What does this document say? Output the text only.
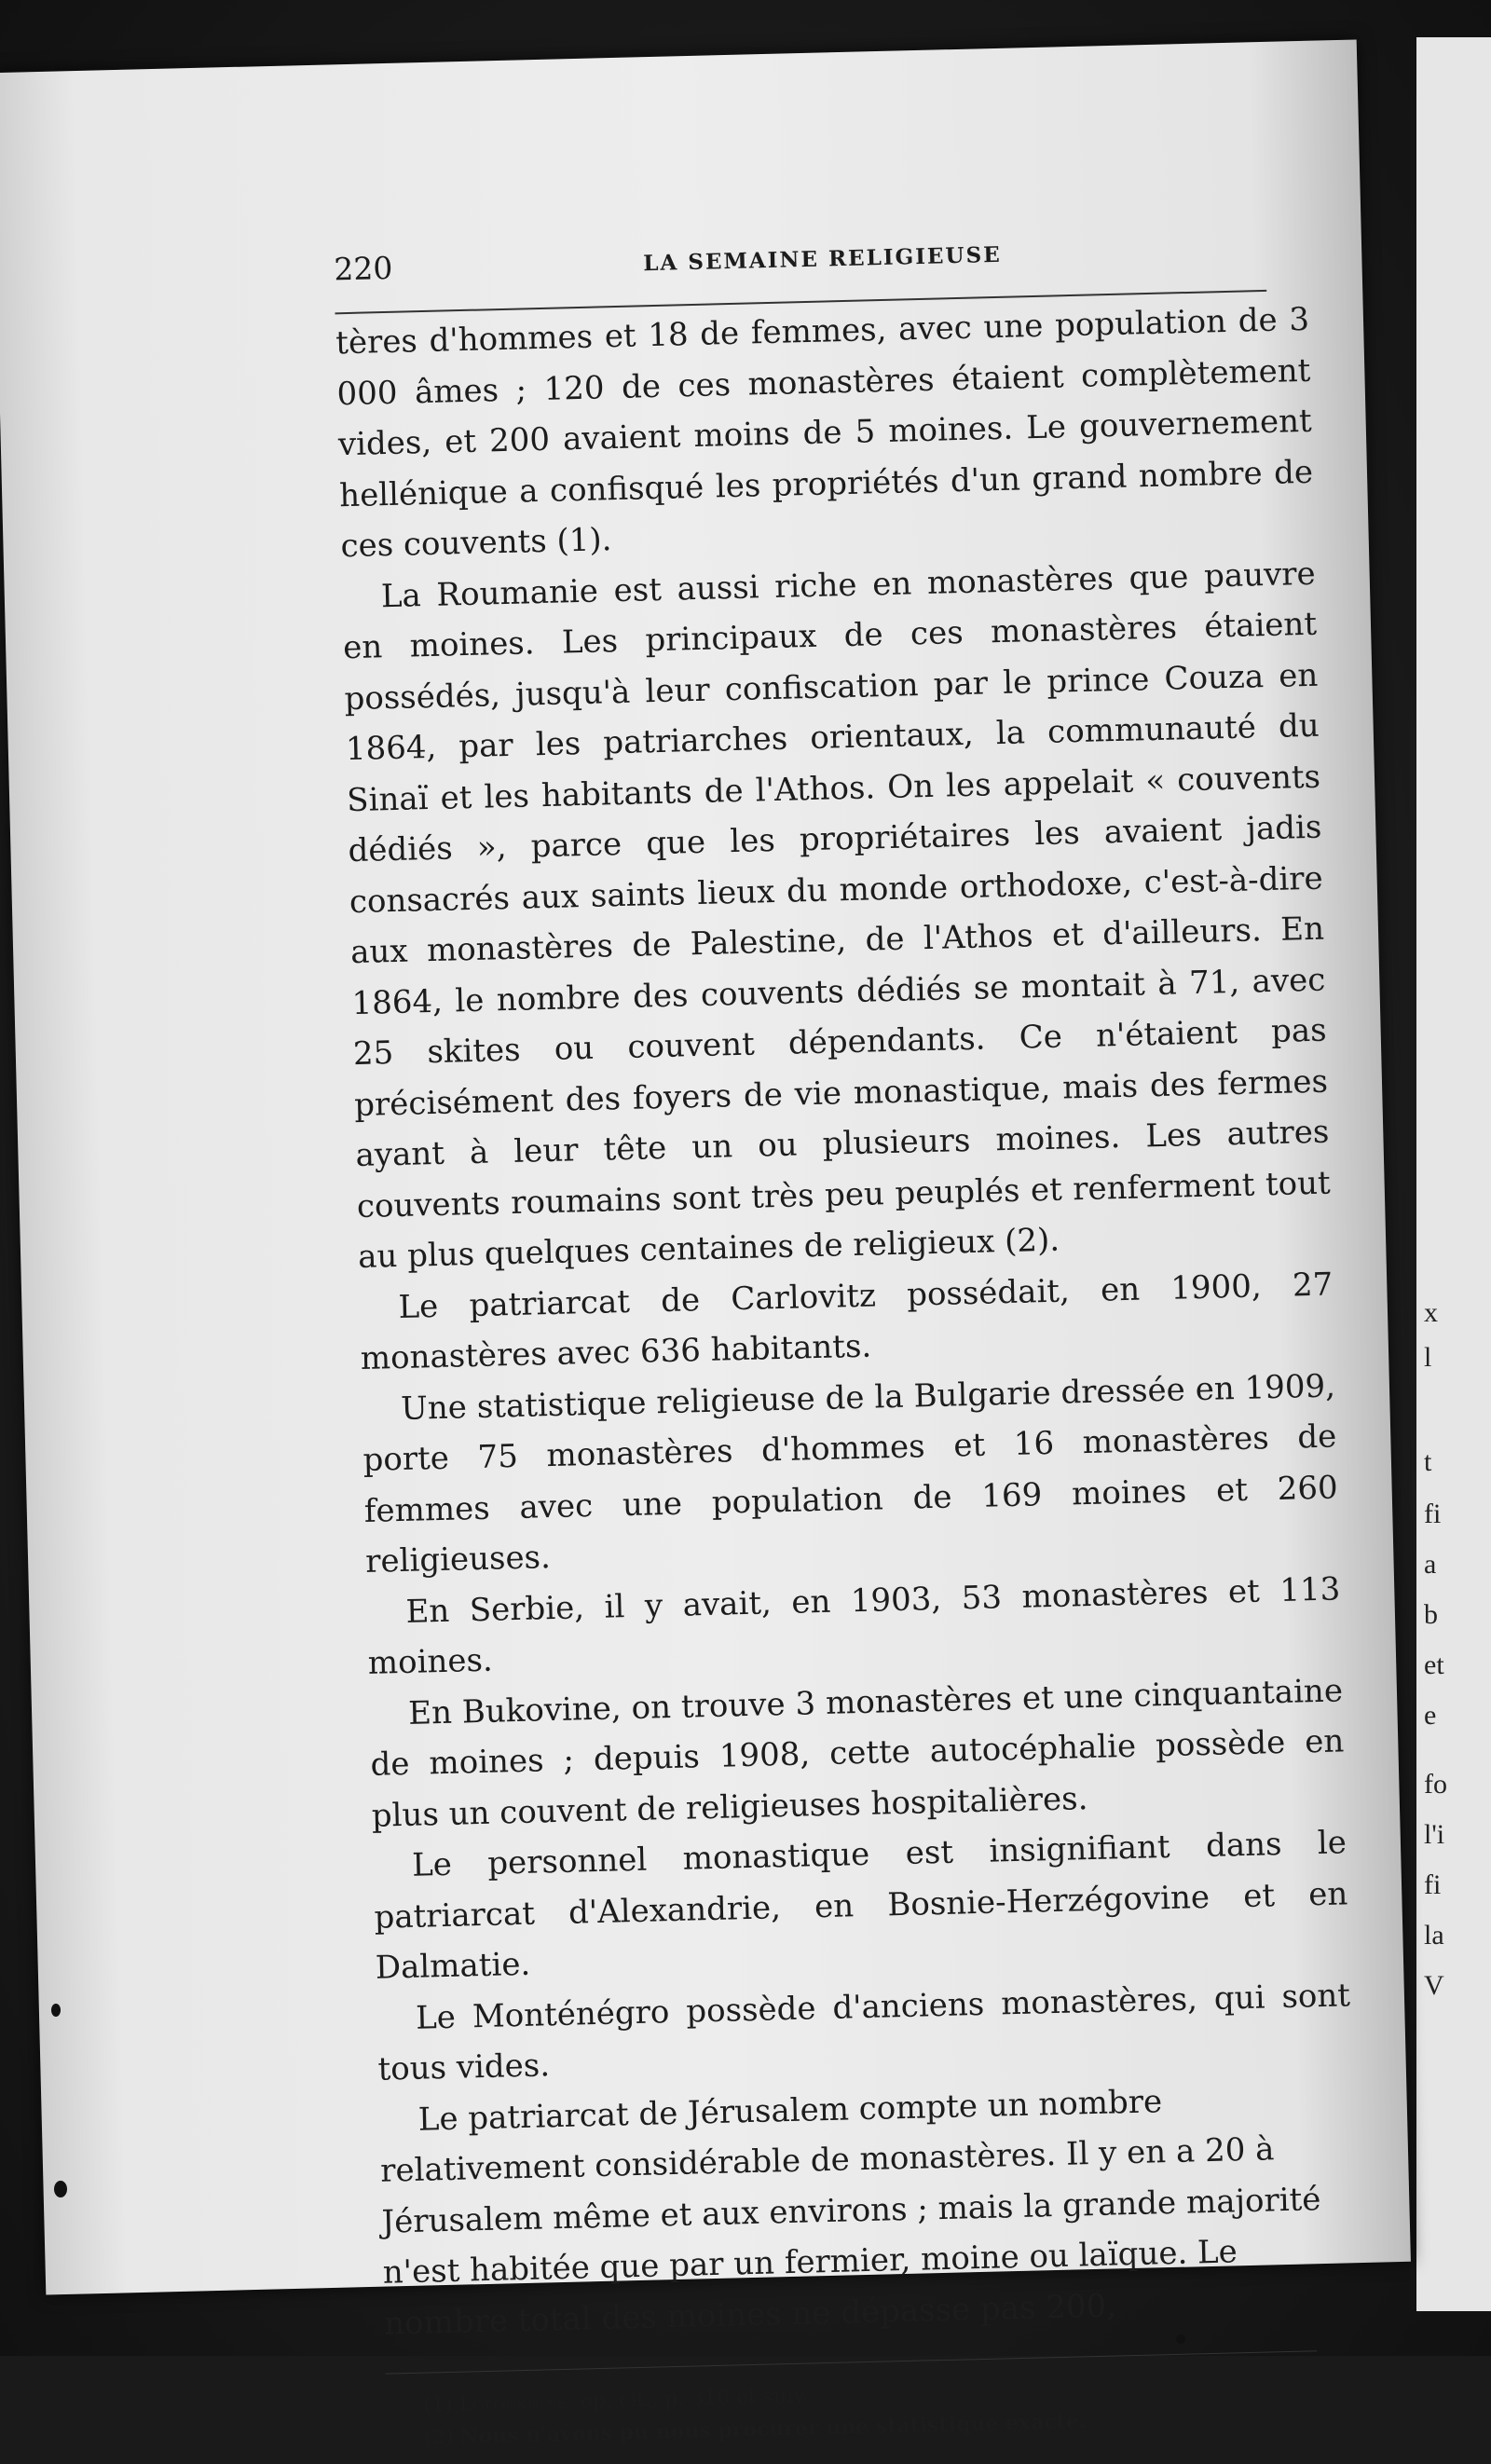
x
l
t
fi
a
b
et
e
fo
l'i
fi
la
V
220	LA SEMAINE RELIGIEUSE

tères d'hommes et 18 de femmes, avec une population de 3 000 âmes ; 120 de ces monastères étaient complètement vides, et 200 avaient moins de 5 moines. Le gouvernement hellénique a confisqué les propriétés d'un grand nombre de ces couvents (1).

La Roumanie est aussi riche en monastères que pauvre en moines. Les principaux de ces monastères étaient possédés, jusqu'à leur confiscation par le prince Couza en 1864, par les patriarches orientaux, la communauté du Sinaï et les habitants de l'Athos. On les appelait « couvents dédiés », parce que les propriétaires les avaient jadis consacrés aux saints lieux du monde orthodoxe, c'est-à-dire aux monastères de Palestine, de l'Athos et d'ailleurs. En 1864, le nombre des couvents dédiés se montait à 71, avec 25 skites ou couvent dépendants. Ce n'étaient pas précisément des foyers de vie monastique, mais des fermes ayant à leur tête un ou plusieurs moines. Les autres couvents roumains sont très peu peuplés et renferment tout au plus quelques centaines de religieux (2).

Le patriarcat de Carlovitz possédait, en 1900, 27 monastères avec 636 habitants.

Une statistique religieuse de la Bulgarie dressée en 1909, porte 75 monastères d'hommes et 16 monastères de femmes avec une population de 169 moines et 260 religieuses.

En Serbie, il y avait, en 1903, 53 monastères et 113 moines.

En Bukovine, on trouve 3 monastères et une cinquantaine de moines ; depuis 1908, cette autocéphalie possède en plus un couvent de religieuses hospitalières.

Le personnel monastique est insignifiant dans le patriarcat d'Alexandrie, en Bosnie-Herzégovine et en Dalmatie.

Le Monténégro possède d'anciens monastères, qui sont tous vides.

Le patriarcat de Jérusalem compte un nombre relativement considérable de monastères. Il y en a 20 à Jérusalem même et aux environs ; mais la grande majorité n'est habitée que par un fermier, moine ou laïque. Le nombre total des moines ne dépasse pas 200,

(1) Lopoukhine, op. cit., p. 310 et suiv.

(2) Nous n'avons pu nous procurer une statistique exacte.
